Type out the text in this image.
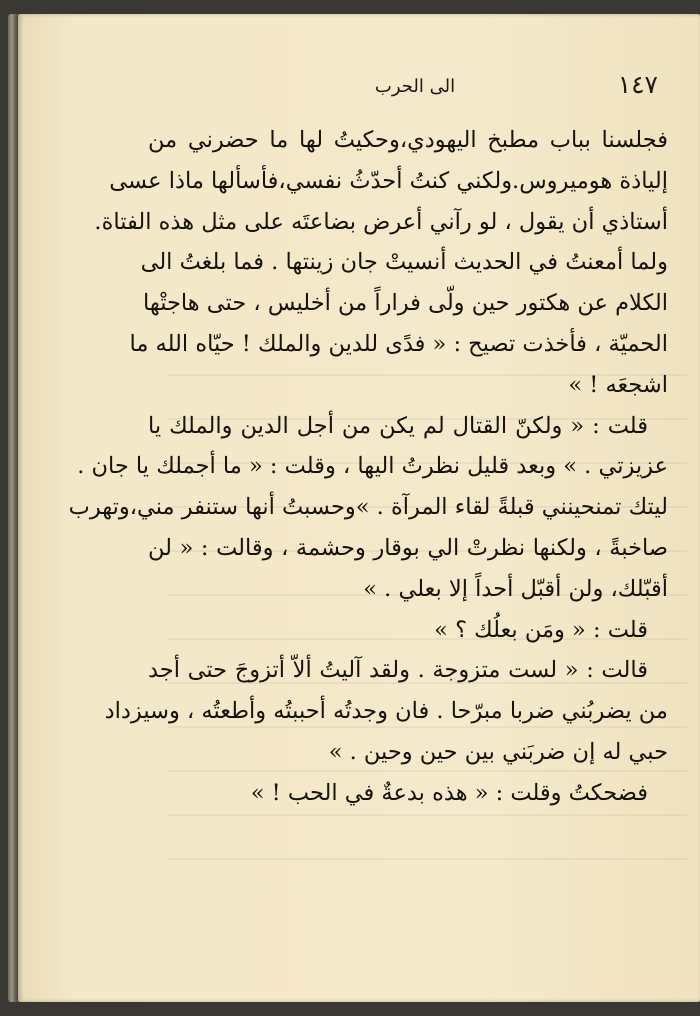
١٤٧
الى الحرب
فجلسنا بباب مطبخ اليهودي،وحكيتُ لها ما حضرني من
إلياذة هوميروس.ولكني كنتُ أحدّثُ نفسي،فأسألها ماذا عسى
أستاذي أن يقول ، لو رآني أعرض بضاعتَه على مثل هذه الفتاة.
ولما أمعنتُ في الحديث أنسيتْ جان زينتها . فما بلغتُ الى
الكلام عن هكتور حين ولّى فراراً من أخليس ، حتى هاجتْها
الحميّة ، فأخذت تصيح : « فدًى للدين والملك ! حيّاه الله ما
اشجعَه ! »
قلت : « ولكنّ القتال لم يكن من أجل الدين والملك يا
عزيزتي . » وبعد قليل نظرتُ اليها ، وقلت : « ما أجملك يا جان .
ليتك تمنحينني قبلةً لقاء المرآة . »وحسبتُ أنها ستنفر مني،وتهرب
صاخبةً ، ولكنها نظرتْ الي بوقار وحشمة ، وقالت : « لن
أقبّلك، ولن أقبّل أحداً إلا بعلي . »
قلت : « ومَن بعلُك ؟ »
قالت : « لست متزوجة . ولقد آليتُ ألاّ أتزوجَ حتى أجد
من يضربُني ضربا مبرّحا . فان وجدتُه أحببتُه وأطعتُه ، وسيزداد
حبي له إن ضربَني بين حين وحين . »
فضحكتُ وقلت : « هذه بدعةٌ في الحب ! »
